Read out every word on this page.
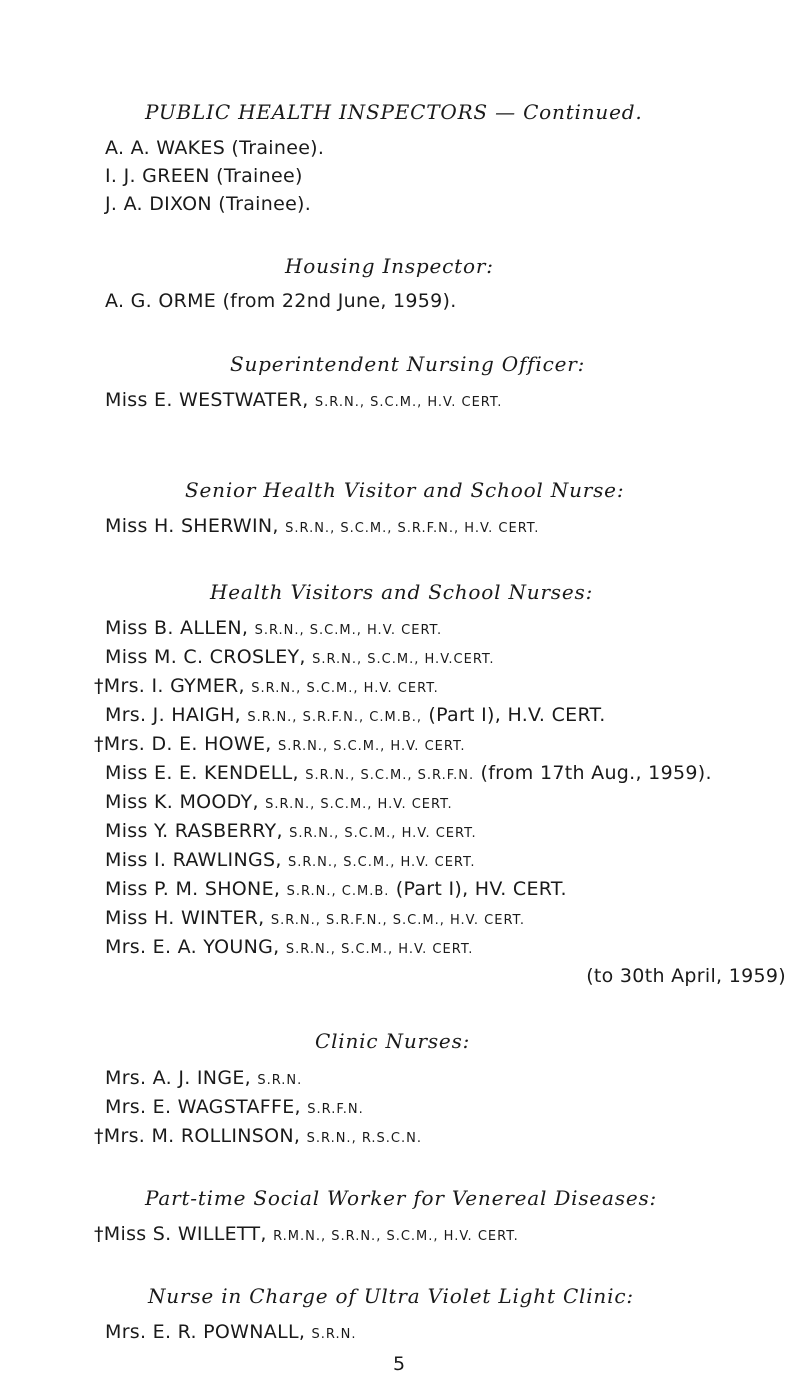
PUBLIC HEALTH INSPECTORS — Continued.
A. A. WAKES (Trainee).
I. J. GREEN (Trainee)
J. A. DIXON (Trainee).
Housing Inspector:
A. G. ORME (from 22nd June, 1959).
Superintendent Nursing Officer:
Miss E. WESTWATER, S.R.N., S.C.M., H.V. CERT.
Senior Health Visitor and School Nurse:
Miss H. SHERWIN, S.R.N., S.C.M., S.R.F.N., H.V. CERT.
Health Visitors and School Nurses:
Miss B. ALLEN, S.R.N., S.C.M., H.V. CERT.
Miss M. C. CROSLEY, S.R.N., S.C.M., H.V.CERT.
†Mrs. I. GYMER, S.R.N., S.C.M., H.V. CERT.
Mrs. J. HAIGH, S.R.N., S.R.F.N., C.M.B., (Part I), H.V. CERT.
†Mrs. D. E. HOWE, S.R.N., S.C.M., H.V. CERT.
Miss E. E. KENDELL, S.R.N., S.C.M., S.R.F.N. (from 17th Aug., 1959).
Miss K. MOODY, S.R.N., S.C.M., H.V. CERT.
Miss Y. RASBERRY, S.R.N., S.C.M., H.V. CERT.
Miss I. RAWLINGS, S.R.N., S.C.M., H.V. CERT.
Miss P. M. SHONE, S.R.N., C.M.B. (Part I), HV. CERT.
Miss H. WINTER, S.R.N., S.R.F.N., S.C.M., H.V. CERT.
Mrs. E. A. YOUNG, S.R.N., S.C.M., H.V. CERT.
(to 30th April, 1959)
Clinic Nurses:
Mrs. A. J. INGE, S.R.N.
Mrs. E. WAGSTAFFE, S.R.F.N.
†Mrs. M. ROLLINSON, S.R.N., R.S.C.N.
Part-time Social Worker for Venereal Diseases:
†Miss S. WILLETT, R.M.N., S.R.N., S.C.M., H.V. CERT.
Nurse in Charge of Ultra Violet Light Clinic:
Mrs. E. R. POWNALL, S.R.N.
5
